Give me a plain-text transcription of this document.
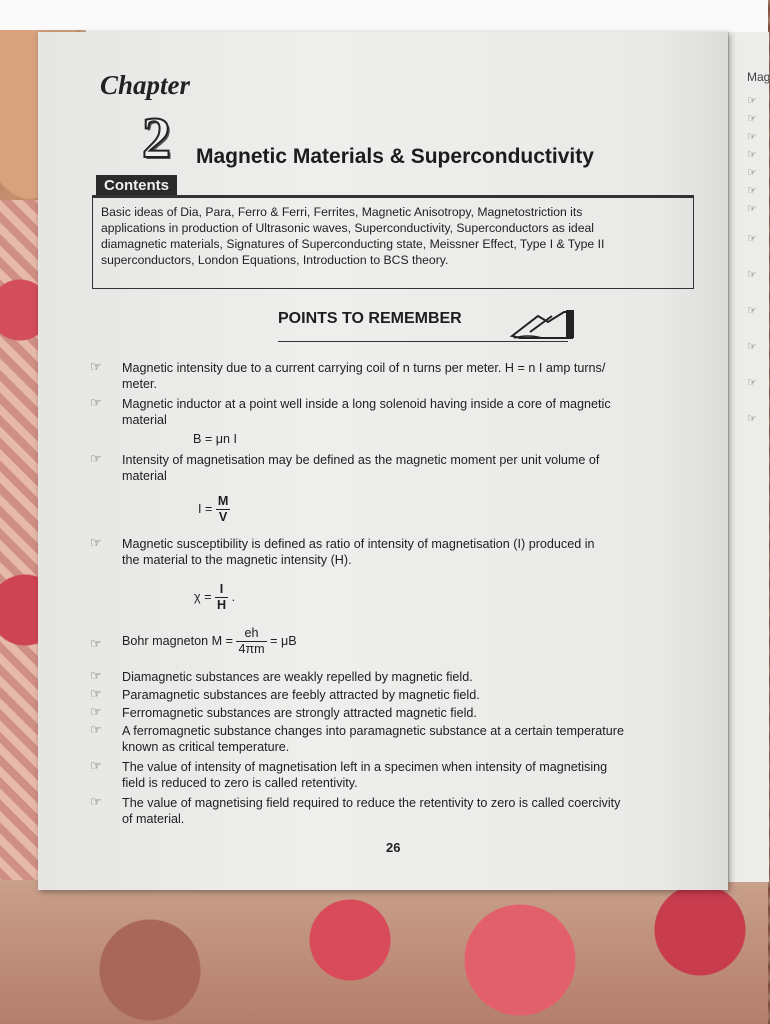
Mag
☞
☞
☞
☞
☞
☞
☞
☞
☞
☞
☞
☞
☞
Chapter
2 Magnetic Materials & Superconductivity
Contents
Basic ideas of Dia, Para, Ferro & Ferri, Ferrites, Magnetic Anisotropy, Magnetostriction its
applications in production of Ultrasonic waves, Superconductivity, Superconductors as ideal
diamagnetic materials, Signatures of Superconducting state, Meissner Effect, Type I & Type II
superconductors, London Equations, Introduction to BCS theory.
POINTS TO REMEMBER
☞ Magnetic intensity due to a current carrying coil of n turns per meter. H = n I amp turns/
meter.
☞ Magnetic inductor at a point well inside a long solenoid having inside a core of magnetic
material
B = μn I
☞ Intensity of magnetisation may be defined as the magnetic moment per unit volume of
material
$I = \frac{M}{V}$
☞ Magnetic susceptibility is defined as ratio of intensity of magnetisation (I) produced in
the material to the magnetic intensity (H).
$\chi = \frac{I}{H}$ .
☞ Bohr magneton $M = \frac{eh}{4\pi m} = \mu B$
☞ Diamagnetic substances are weakly repelled by magnetic field.
☞ Paramagnetic substances are feebly attracted by magnetic field.
☞ Ferromagnetic substances are strongly attracted magnetic field.
☞ A ferromagnetic substance changes into paramagnetic substance at a certain temperature
known as critical temperature.
☞ The value of intensity of magnetisation left in a specimen when intensity of magnetising
field is reduced to zero is called retentivity.
☞ The value of magnetising field required to reduce the retentivity to zero is called coercivity
of material.
26
